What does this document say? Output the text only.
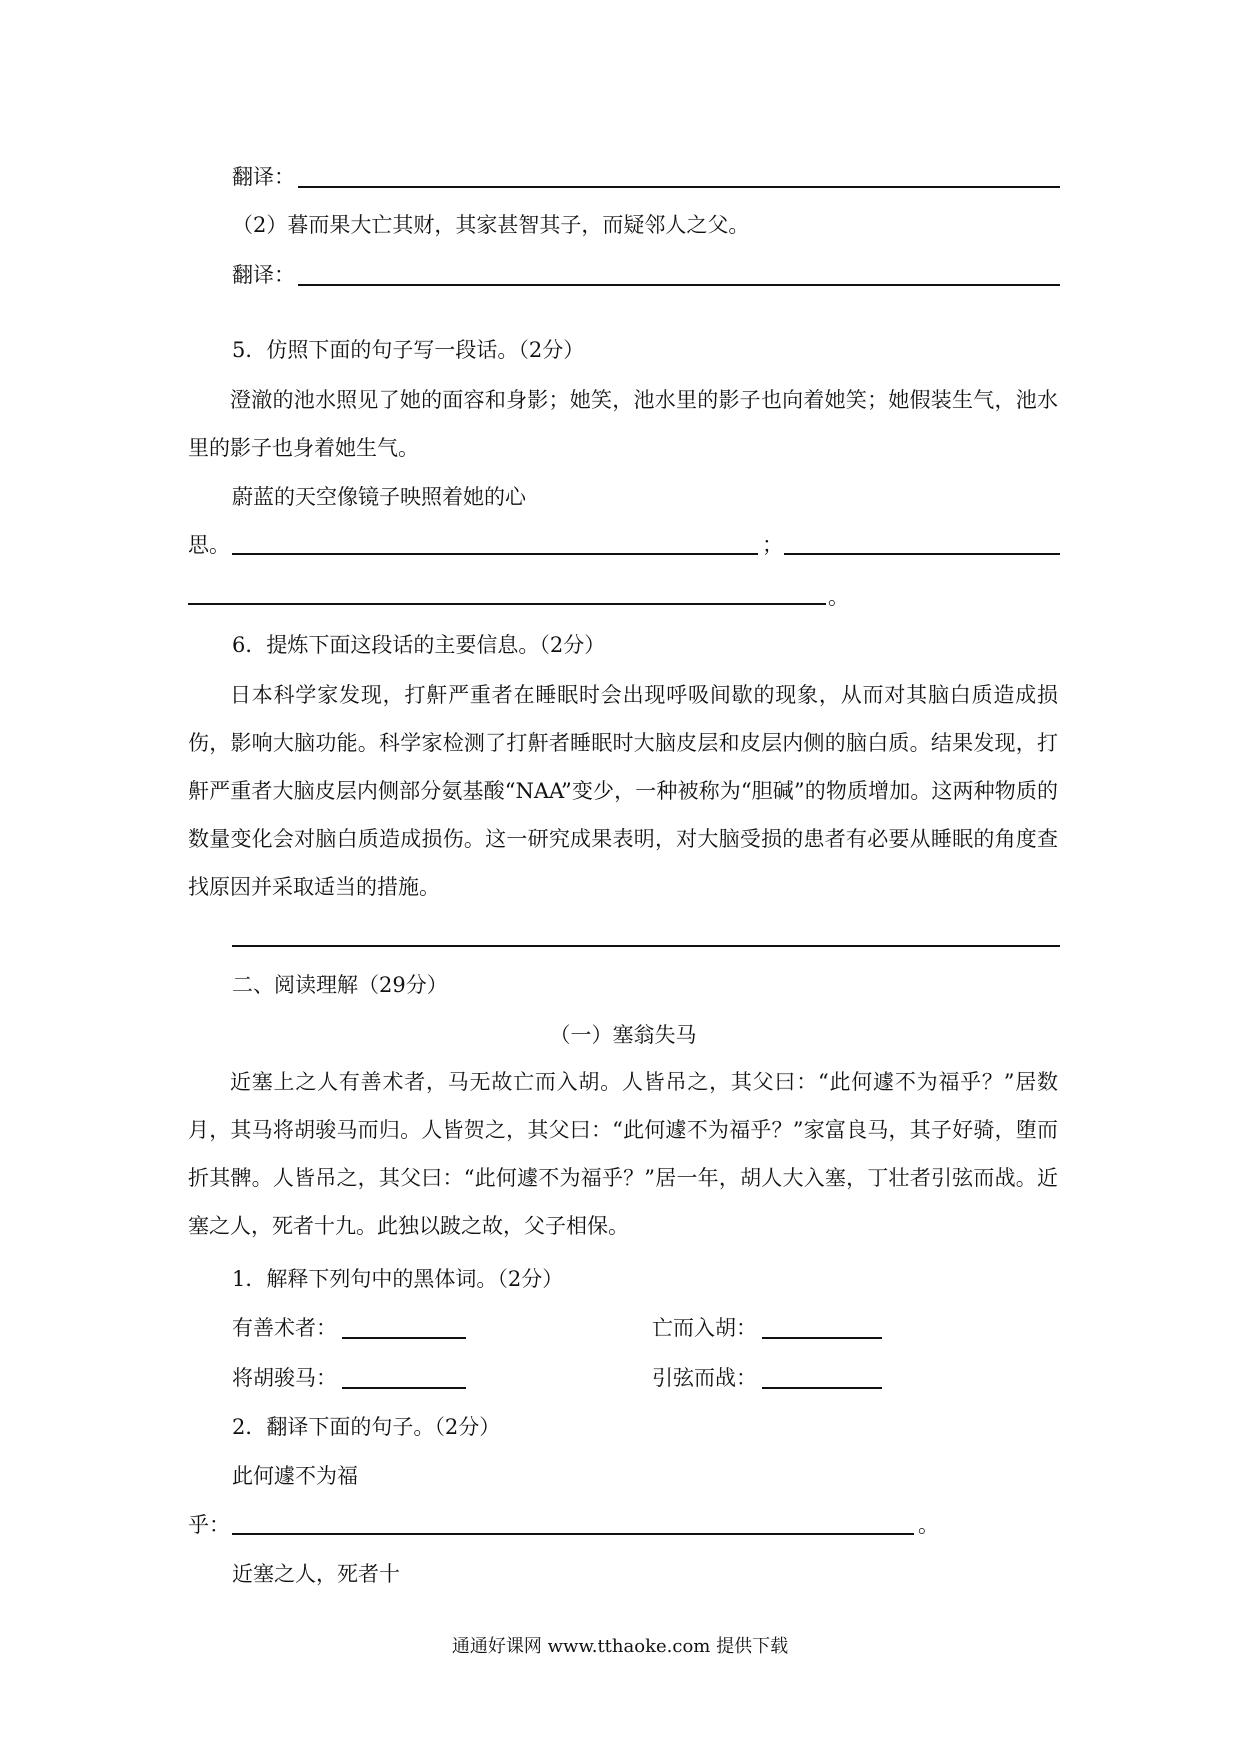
翻译：
（2）暮而果大亡其财，其家甚智其子，而疑邻人之父。
翻译：
5．仿照下面的句子写一段话。（2分）
澄澈的池水照见了她的面容和身影；她笑，池水里的影子也向着她笑；她假装生气，池水里的影子也身着她生气。
蔚蓝的天空像镜子映照着她的心
思。	；
。
6．提炼下面这段话的主要信息。（2分）
日本科学家发现，打鼾严重者在睡眠时会出现呼吸间歇的现象，从而对其脑白质造成损伤，影响大脑功能。科学家检测了打鼾者睡眠时大脑皮层和皮层内侧的脑白质。结果发现，打鼾严重者大脑皮层内侧部分氨基酸“NAA”变少，一种被称为“胆碱”的物质增加。这两种物质的数量变化会对脑白质造成损伤。这一研究成果表明，对大脑受损的患者有必要从睡眠的角度查找原因并采取适当的措施。
二、阅读理解（29分）
（一）塞翁失马
近塞上之人有善术者，马无故亡而入胡。人皆吊之，其父曰：“此何遽不为福乎？”居数月，其马将胡骏马而归。人皆贺之，其父曰：“此何遽不为福乎？”家富良马，其子好骑，堕而折其髀。人皆吊之，其父曰：“此何遽不为福乎？”居一年，胡人大入塞，丁壮者引弦而战。近塞之人，死者十九。此独以跛之故，父子相保。
1．解释下列句中的黑体词。（2分）
有善术者：	亡而入胡：
将胡骏马：	引弦而战：
2．翻译下面的句子。（2分）
此何遽不为福
乎：	。
近塞之人，死者十
通通好课网 www.tthaoke.com 提供下载
